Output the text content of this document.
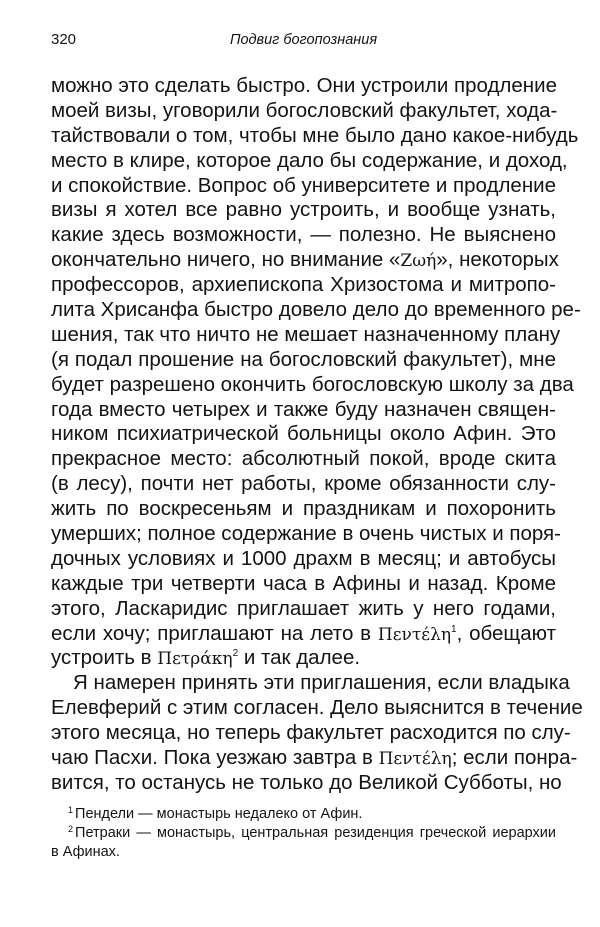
320	Подвиг богопознания
можно это сделать быстро. Они устроили продление
моей визы, уговорили богословский факультет, хода-
тайствовали о том, чтобы мне было дано какое-нибудь
место в клире, которое дало бы содержание, и доход,
и спокойствие. Вопрос об университете и продление
визы я хотел все равно устроить, и вообще узнать,
какие здесь возможности, — полезно. Не выяснено
окончательно ничего, но внимание «Ζωή», некоторых
профессоров, архиепископа Хризостома и митропо-
лита Хрисанфа быстро довело дело до временного ре-
шения, так что ничто не мешает назначенному плану
(я подал прошение на богословский факультет), мне
будет разрешено окончить богословскую школу за два
года вместо четырех и также буду назначен священ-
ником психиатрической больницы около Афин. Это
прекрасное место: абсолютный покой, вроде скита
(в лесу), почти нет работы, кроме обязанности слу-
жить по воскресеньям и праздникам и похоронить
умерших; полное содержание в очень чистых и поря-
дочных условиях и 1000 драхм в месяц; и автобусы
каждые три четверти часа в Афины и назад. Кроме
этого, Ласкаридис приглашает жить у него годами,
если хочу; приглашают на лето в Πεντέλη$^1$, обещают
устроить в Πετράκη$^2$ и так далее.
Я намерен принять эти приглашения, если владыка
Елевферий с этим согласен. Дело выяснится в течение
этого месяца, но теперь факультет расходится по слу-
чаю Пасхи. Пока уезжаю завтра в Πεντέλη; если понра-
вится, то останусь не только до Великой Субботы, но
$^1$ Пендели — монастырь недалеко от Афин.
$^2$ Петраки — монастырь, центральная резиденция греческой иерархии
в Афинах.
